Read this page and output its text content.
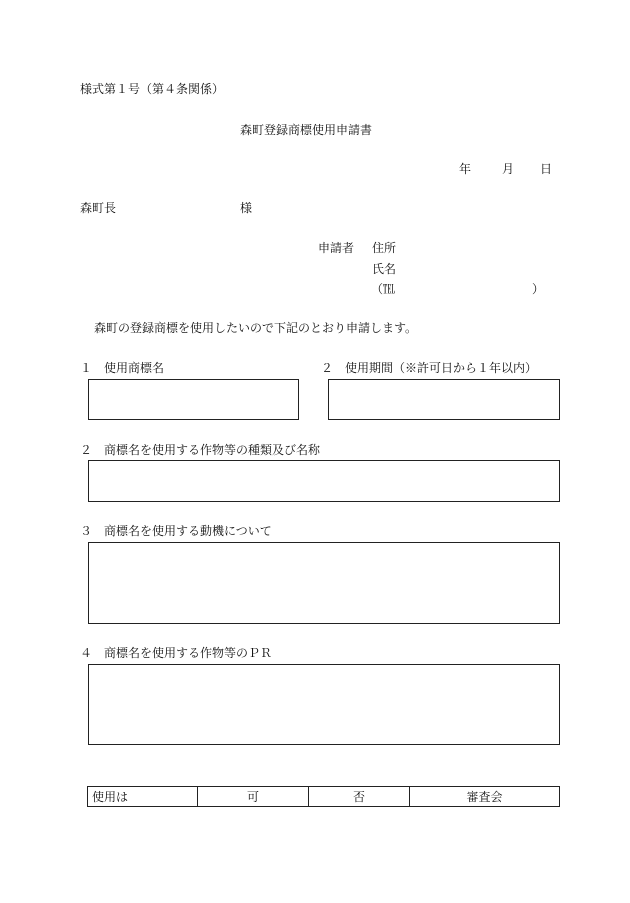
様式第１号（第４条関係）
森町登録商標使用申請書
年	月 日
森町長	様
申請者 住所
氏名
（℡	）
森町の登録商標を使用したいので下記のとおり申請します。
１　使用商標名	２　使用期間（※許可日から１年以内）
２　商標名を使用する作物等の種類及び名称
３　商標名を使用する動機について
４　商標名を使用する作物等のＰＲ
使用は	可	否	審査会
